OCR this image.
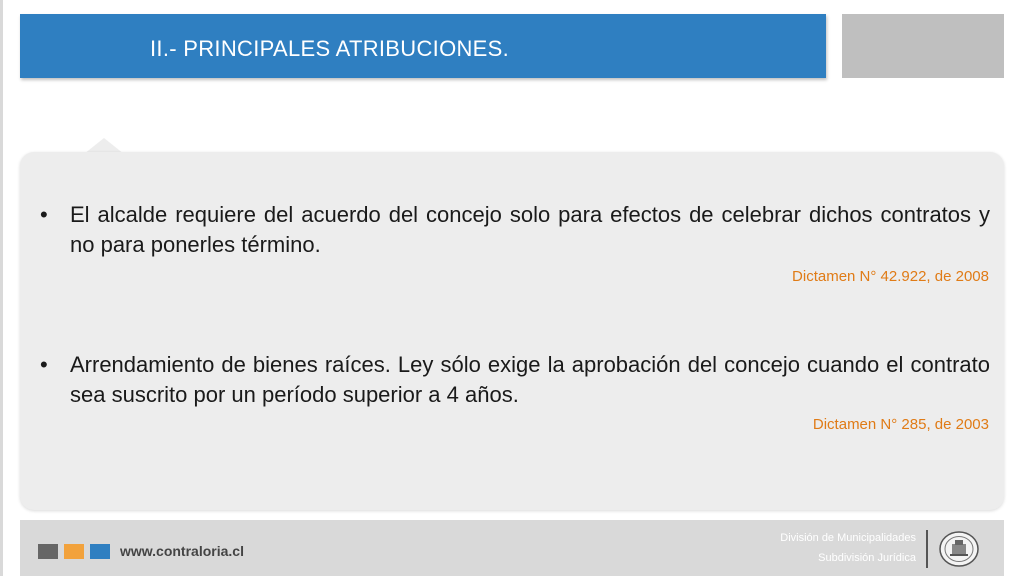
II.- PRINCIPALES ATRIBUCIONES.
• El alcalde requiere del acuerdo del concejo solo para efectos de celebrar dichos contratos y no para ponerles término.
Dictamen N° 42.922, de 2008
• Arrendamiento de bienes raíces. Ley sólo exige la aprobación del concejo cuando el contrato sea suscrito por un período superior a 4 años.
Dictamen N° 285, de 2003
www.contraloria.cl
División de Municipalidades
Subdivisión Jurídica
